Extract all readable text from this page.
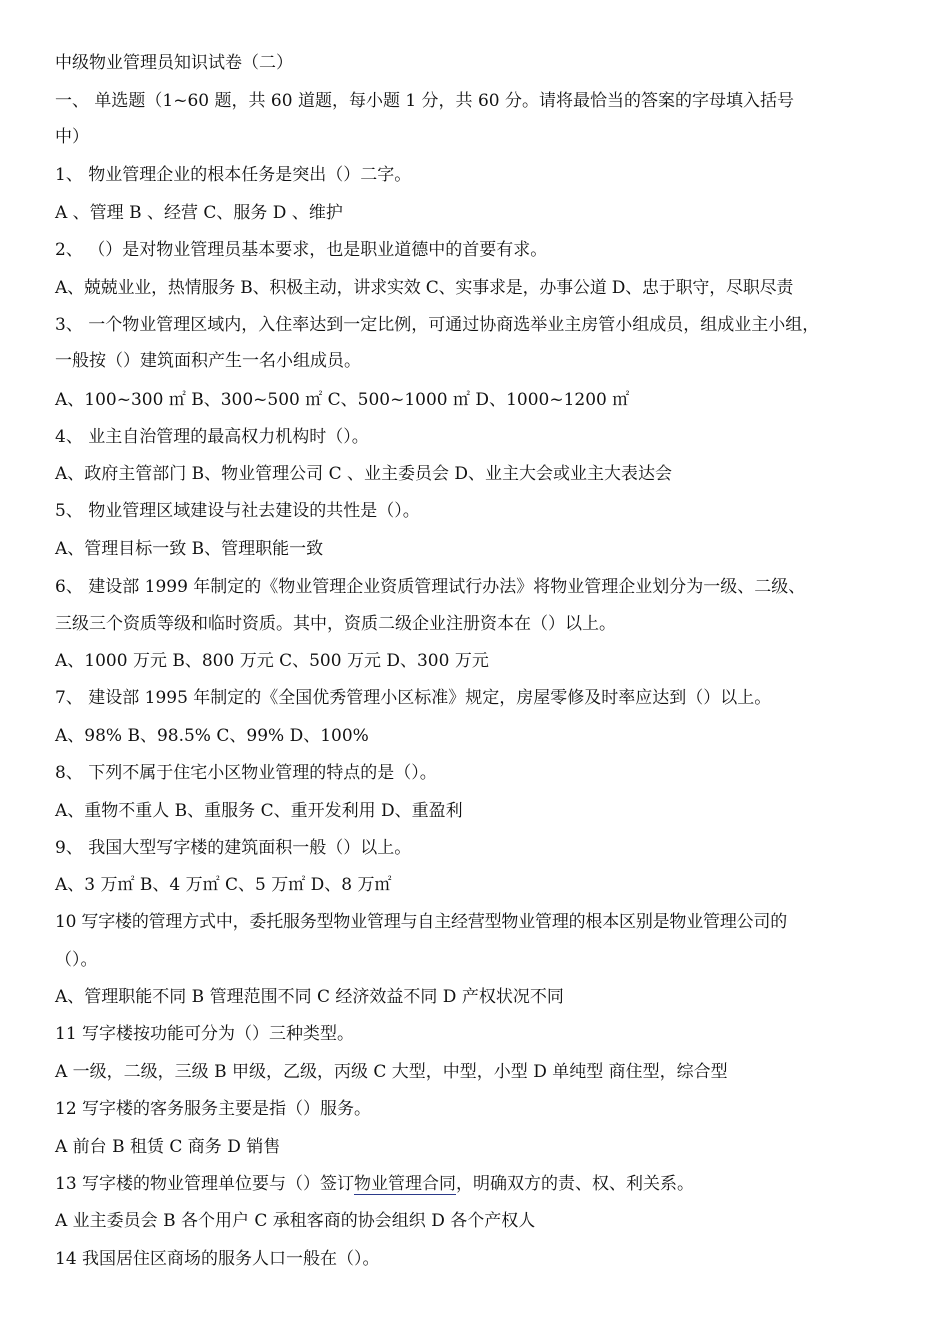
中级物业管理员知识试卷（二）
一、 单选题（1~60 题，共 60 道题，每小题 1 分，共 60 分。请将最恰当的答案的字母填入括号
中）
1、 物业管理企业的根本任务是突出（）二字。
A 、管理 B 、经营 C、服务 D 、维护
2、 （）是对物业管理员基本要求，也是职业道德中的首要有求。
A、兢兢业业，热情服务 B、积极主动，讲求实效 C、实事求是，办事公道 D、忠于职守，尽职尽责
3、 一个物业管理区域内，入住率达到一定比例，可通过协商选举业主房管小组成员，组成业主小组，
一般按（）建筑面积产生一名小组成员。
A、100~300 ㎡ B、300~500 ㎡ C、500~1000 ㎡ D、1000~1200 ㎡
4、 业主自治管理的最高权力机构时（）。
A、政府主管部门 B、物业管理公司 C 、业主委员会 D、业主大会或业主大表达会
5、 物业管理区域建设与社去建设的共性是（）。
A、管理目标一致 B、管理职能一致
6、 建设部 1999 年制定的《物业管理企业资质管理试行办法》将物业管理企业划分为一级、二级、
三级三个资质等级和临时资质。其中，资质二级企业注册资本在（）以上。
A、1000 万元 B、800 万元 C、500 万元 D、300 万元
7、 建设部 1995 年制定的《全国优秀管理小区标准》规定，房屋零修及时率应达到（）以上。
A、98% B、98.5% C、99% D、100%
8、 下列不属于住宅小区物业管理的特点的是（）。
A、重物不重人 B、重服务 C、重开发利用 D、重盈利
9、 我国大型写字楼的建筑面积一般（）以上。
A、3 万㎡ B、4 万㎡ C、5 万㎡ D、8 万㎡
10 写字楼的管理方式中，委托服务型物业管理与自主经营型物业管理的根本区别是物业管理公司的
（）。
A、管理职能不同 B 管理范围不同 C 经济效益不同 D 产权状况不同
11 写字楼按功能可分为（）三种类型。
A 一级，二级，三级 B 甲级，乙级，丙级 C 大型，中型，小型 D 单纯型 商住型，综合型
12 写字楼的客务服务主要是指（）服务。
A 前台 B 租赁 C 商务 D 销售
13 写字楼的物业管理单位要与（）签订物业管理合同，明确双方的责、权、利关系。
A 业主委员会 B 各个用户 C 承租客商的协会组织 D 各个产权人
14 我国居住区商场的服务人口一般在（）。
